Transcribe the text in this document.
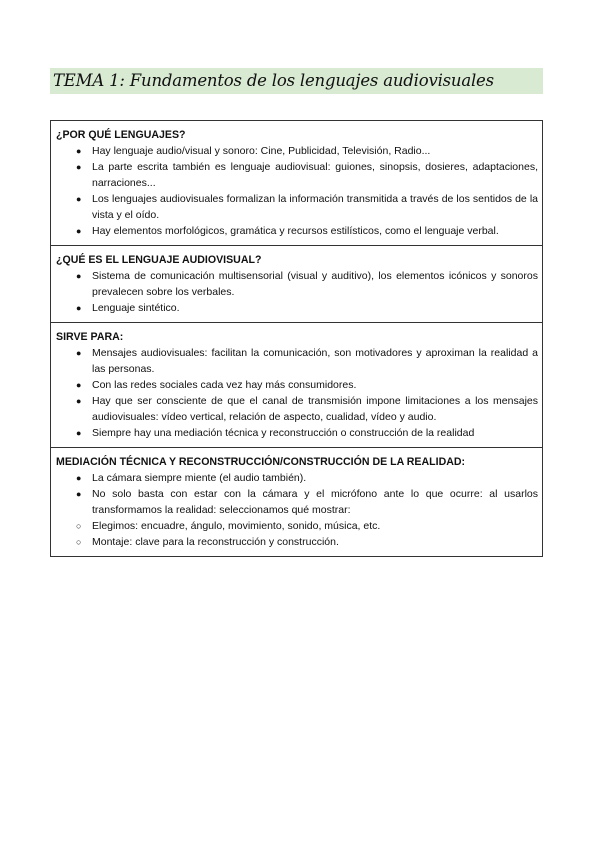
TEMA 1: Fundamentos de los lenguajes audiovisuales
¿POR QUÉ LENGUAJES?
● Hay lenguaje audio/visual y sonoro: Cine, Publicidad, Televisión, Radio...
● La parte escrita también es lenguaje audiovisual: guiones, sinopsis, dosieres, adaptaciones, narraciones...
● Los lenguajes audiovisuales formalizan la información transmitida a través de los sentidos de la vista y el oído.
● Hay elementos morfológicos, gramática y recursos estilísticos, como el lenguaje verbal.
¿QUÉ ES EL LENGUAJE AUDIOVISUAL?
● Sistema de comunicación multisensorial (visual y auditivo), los elementos icónicos y sonoros prevalecen sobre los verbales.
● Lenguaje sintético.
SIRVE PARA:
● Mensajes audiovisuales: facilitan la comunicación, son motivadores y aproximan la realidad a las personas.
● Con las redes sociales cada vez hay más consumidores.
● Hay que ser consciente de que el canal de transmisión impone limitaciones a los mensajes audiovisuales: vídeo vertical, relación de aspecto, cualidad, vídeo y audio.
● Siempre hay una mediación técnica y reconstrucción o construcción de la realidad
MEDIACIÓN TÉCNICA Y RECONSTRUCCIÓN/CONSTRUCCIÓN DE LA REALIDAD:
● La cámara siempre miente (el audio también).
● No solo basta con estar con la cámara y el micrófono ante lo que ocurre: al usarlos transformamos la realidad: seleccionamos qué mostrar:
○ Elegimos: encuadre, ángulo, movimiento, sonido, música, etc.
○ Montaje: clave para la reconstrucción y construcción.
